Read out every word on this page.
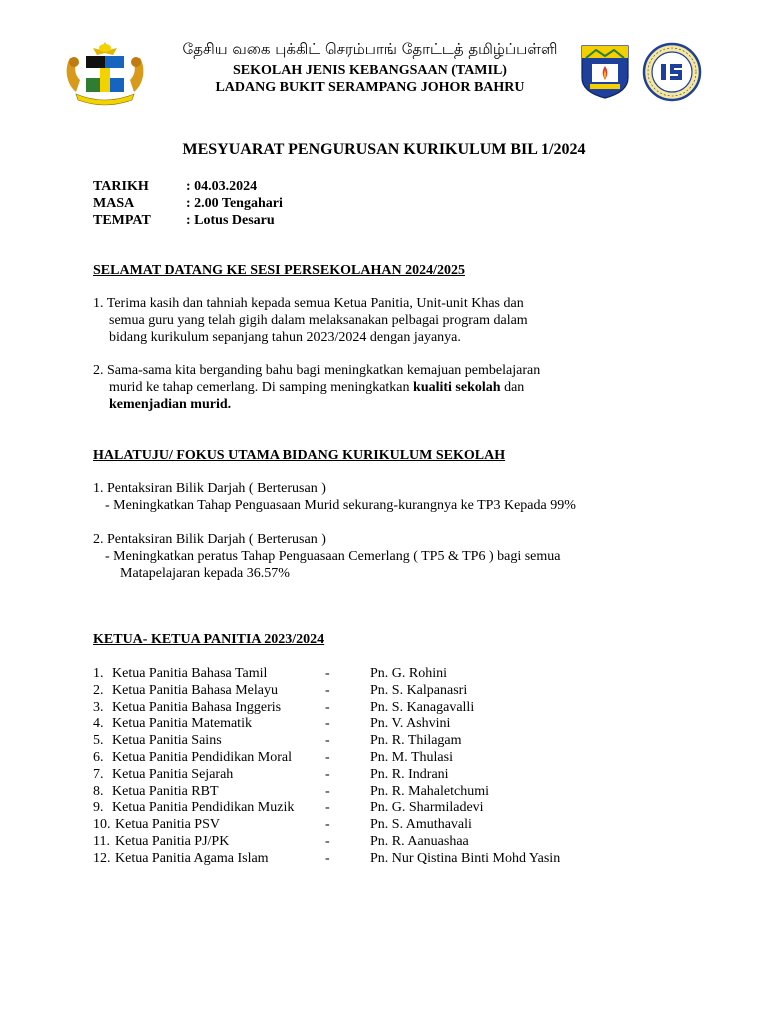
தேசிய வகை புக்கிட் செரம்பாங் தோட்டத் தமிழ்ப்பள்ளி
SEKOLAH JENIS KEBANGSAAN (TAMIL)
LADANG BUKIT SERAMPANG JOHOR BAHRU
MESYUARAT PENGURUSAN KURIKULUM BIL 1/2024
TARIKH	: 04.03.2024
MASA	: 2.00 Tengahari
TEMPAT	: Lotus Desaru
SELAMAT DATANG KE SESI PERSEKOLAHAN 2024/2025
1. Terima kasih dan tahniah kepada semua Ketua Panitia, Unit-unit Khas dan
semua guru yang telah gigih dalam melaksanakan pelbagai program dalam
bidang kurikulum sepanjang tahun 2023/2024 dengan jayanya.
2. Sama-sama kita berganding bahu bagi meningkatkan kemajuan pembelajaran
murid ke tahap cemerlang. Di samping meningkatkan kualiti sekolah dan
kemenjadian murid.
HALATUJU/ FOKUS UTAMA BIDANG KURIKULUM SEKOLAH
1. Pentaksiran Bilik Darjah ( Berterusan )
- Meningkatkan Tahap Penguasaan Murid sekurang-kurangnya ke TP3 Kepada 99%
2. Pentaksiran Bilik Darjah ( Berterusan )
- Meningkatkan peratus Tahap Penguasaan Cemerlang ( TP5 & TP6 ) bagi semua
Matapelajaran kepada 36.57%
KETUA- KETUA PANITIA 2023/2024
1. Ketua Panitia Bahasa Tamil	-	Pn. G. Rohini
2. Ketua Panitia Bahasa Melayu	-	Pn. S. Kalpanasri
3. Ketua Panitia Bahasa Inggeris	-	Pn. S. Kanagavalli
4. Ketua Panitia Matematik	-	Pn. V. Ashvini
5. Ketua Panitia Sains	-	Pn. R. Thilagam
6. Ketua Panitia Pendidikan Moral -	Pn. M. Thulasi
7. Ketua Panitia Sejarah	-	Pn. R. Indrani
8. Ketua Panitia RBT	-	Pn. R. Mahaletchumi
9. Ketua Panitia Pendidikan Muzik -	Pn. G. Sharmiladevi
10. Ketua Panitia PSV	-	Pn. S. Amuthavali
11. Ketua Panitia PJ/PK	-	Pn. R. Aanuashaa
12. Ketua Panitia Agama Islam	-	Pn. Nur Qistina Binti Mohd Yasin
